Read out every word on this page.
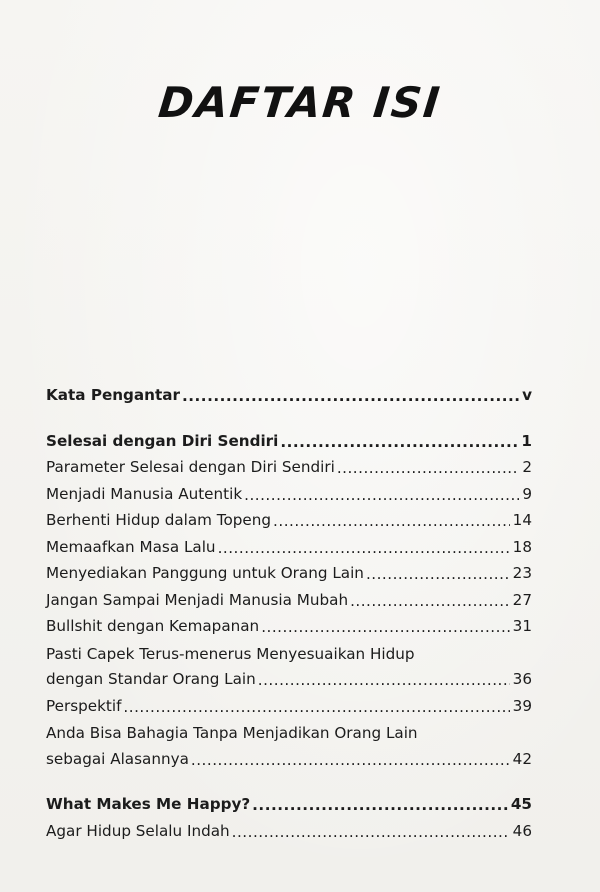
DAFTAR ISI
Kata Pengantar .....	v
Selesai dengan Diri Sendiri .....	1
Parameter Selesai dengan Diri Sendiri .....	2
Menjadi Manusia Autentik .....	9
Berhenti Hidup dalam Topeng .....	14
Memaafkan Masa Lalu .....	18
Menyediakan Panggung untuk Orang Lain .....	23
Jangan Sampai Menjadi Manusia Mubah .....	27
Bullshit dengan Kemapanan .....	31
Pasti Capek Terus-menerus Menyesuaikan Hidup
dengan Standar Orang Lain .....	36
Perspektif .....	39
Anda Bisa Bahagia Tanpa Menjadikan Orang Lain
sebagai Alasannya .....	42
What Makes Me Happy? .....	45
Agar Hidup Selalu Indah .....	46
